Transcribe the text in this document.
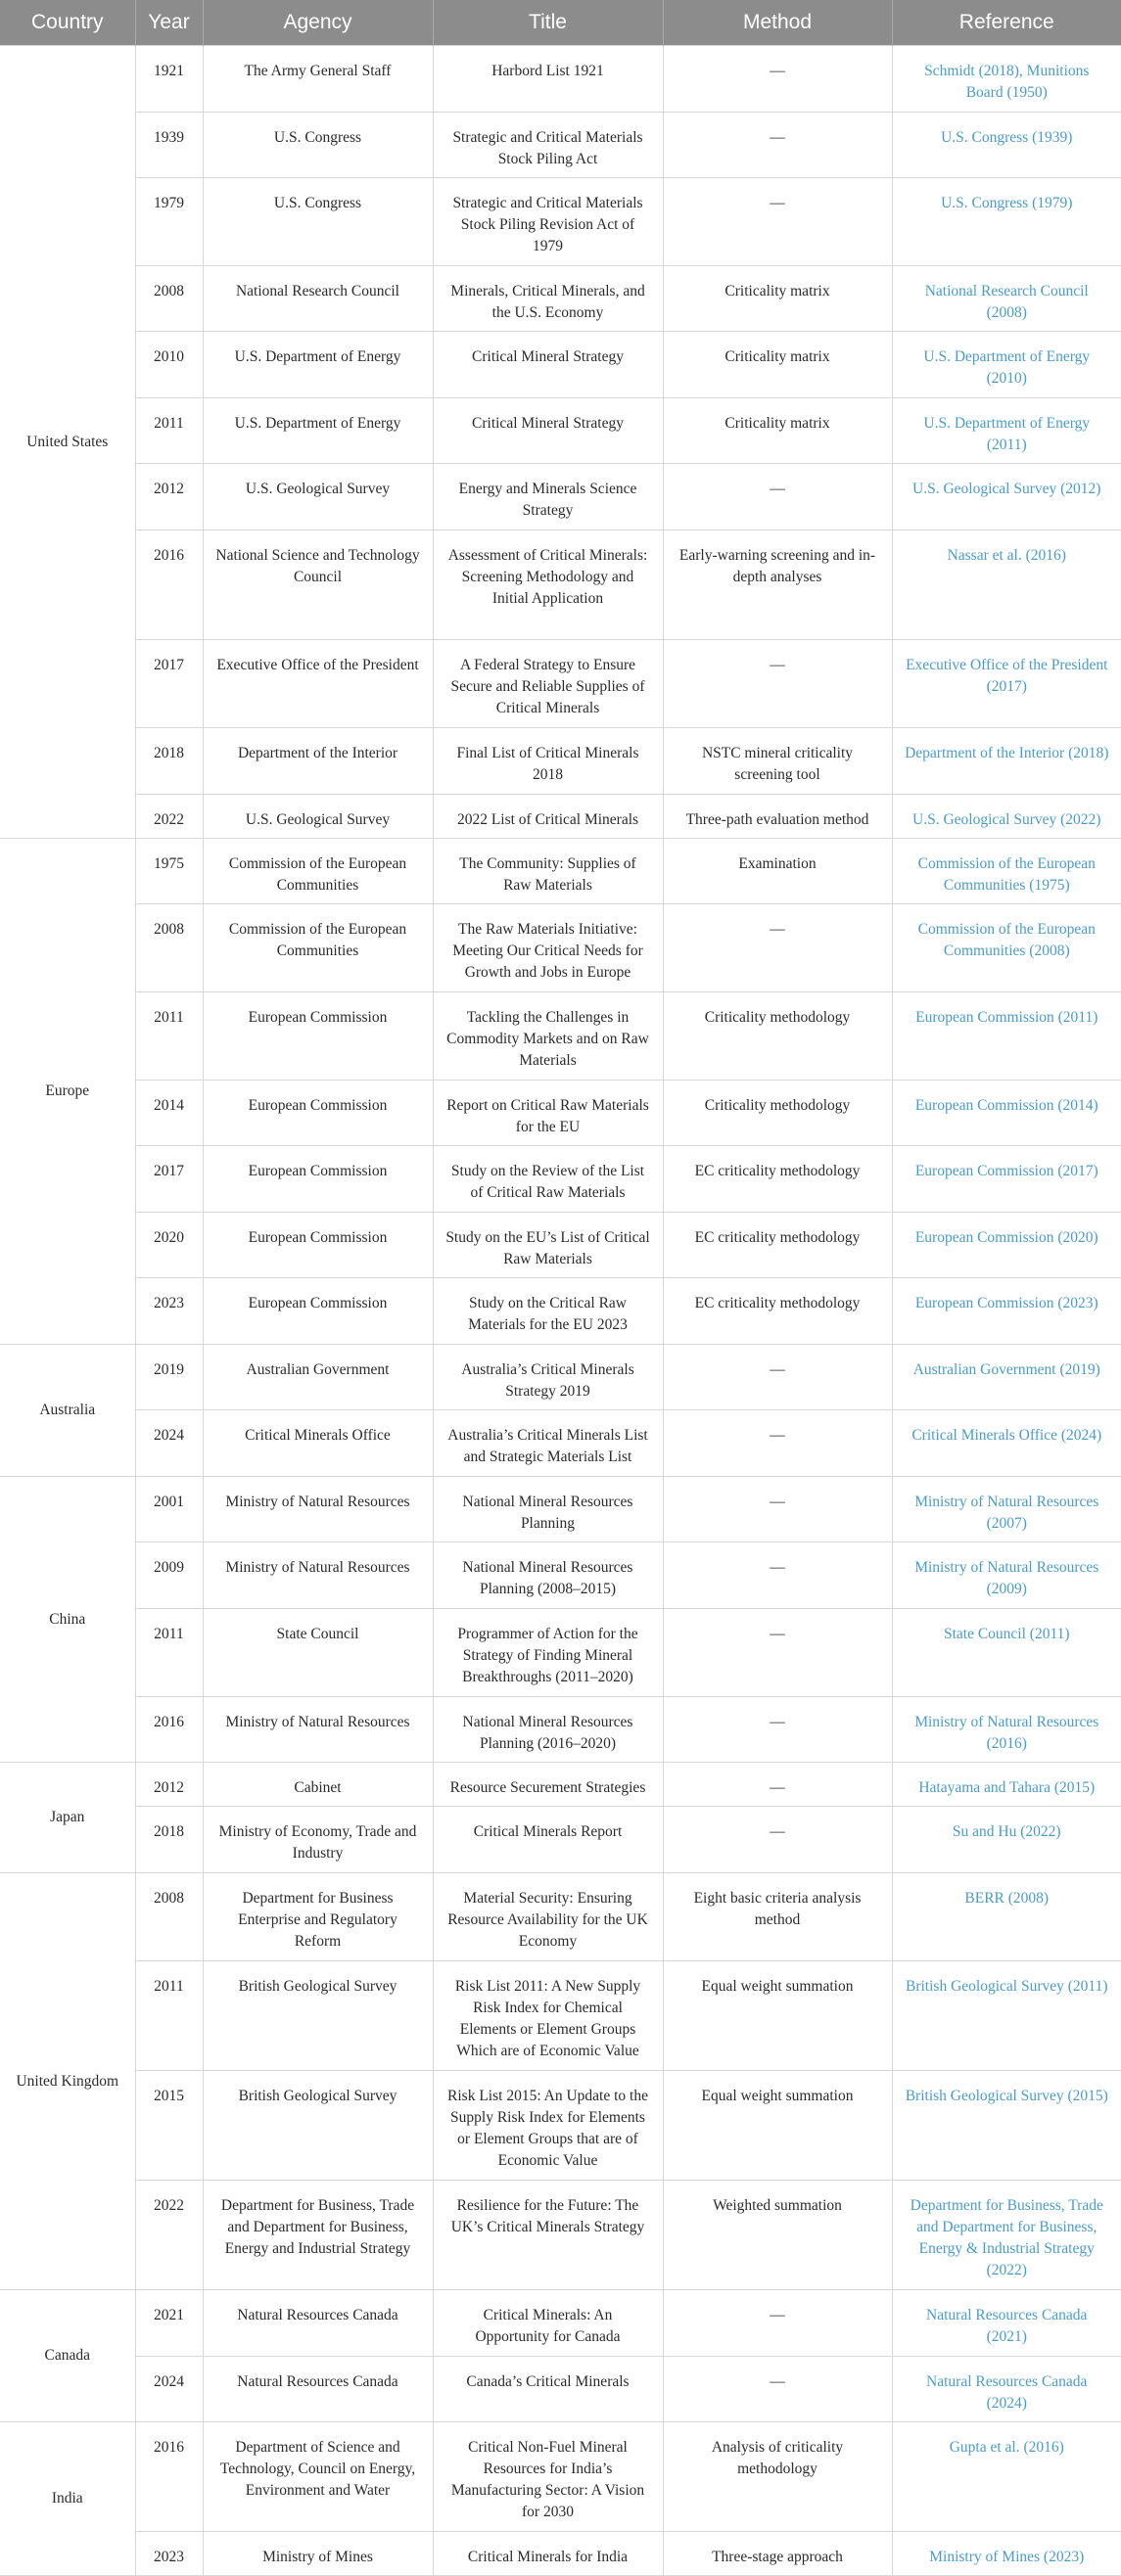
Country	Year	Agency	Title	Method	Reference
United States	1921	The Army General Staff	Harbord List 1921	—	Schmidt (2018), Munitions Board (1950)
	1939	U.S. Congress	Strategic and Critical Materials Stock Piling Act	—	U.S. Congress (1939)
	1979	U.S. Congress	Strategic and Critical Materials Stock Piling Revision Act of 1979	—	U.S. Congress (1979)
	2008	National Research Council	Minerals, Critical Minerals, and the U.S. Economy	Criticality matrix	National Research Council (2008)
	2010	U.S. Department of Energy	Critical Mineral Strategy	Criticality matrix	U.S. Department of Energy (2010)
	2011	U.S. Department of Energy	Critical Mineral Strategy	Criticality matrix	U.S. Department of Energy (2011)
	2012	U.S. Geological Survey	Energy and Minerals Science Strategy	—	U.S. Geological Survey (2012)
	2016	National Science and Technology Council	Assessment of Critical Minerals: Screening Methodology and Initial Application	Early-warning screening and in-depth analyses	Nassar et al. (2016)
	2017	Executive Office of the President	A Federal Strategy to Ensure Secure and Reliable Supplies of Critical Minerals	—	Executive Office of the President (2017)
	2018	Department of the Interior	Final List of Critical Minerals 2018	NSTC mineral criticality screening tool	Department of the Interior (2018)
	2022	U.S. Geological Survey	2022 List of Critical Minerals	Three-path evaluation method	U.S. Geological Survey (2022)
Europe	1975	Commission of the European Communities	The Community: Supplies of Raw Materials	Examination	Commission of the European Communities (1975)
	2008	Commission of the European Communities	The Raw Materials Initiative: Meeting Our Critical Needs for Growth and Jobs in Europe	—	Commission of the European Communities (2008)
	2011	European Commission	Tackling the Challenges in Commodity Markets and on Raw Materials	Criticality methodology	European Commission (2011)
	2014	European Commission	Report on Critical Raw Materials for the EU	Criticality methodology	European Commission (2014)
	2017	European Commission	Study on the Review of the List of Critical Raw Materials	EC criticality methodology	European Commission (2017)
	2020	European Commission	Study on the EU’s List of Critical Raw Materials	EC criticality methodology	European Commission (2020)
	2023	European Commission	Study on the Critical Raw Materials for the EU 2023	EC criticality methodology	European Commission (2023)
Australia	2019	Australian Government	Australia’s Critical Minerals Strategy 2019	—	Australian Government (2019)
	2024	Critical Minerals Office	Australia’s Critical Minerals List and Strategic Materials List	—	Critical Minerals Office (2024)
China	2001	Ministry of Natural Resources	National Mineral Resources Planning	—	Ministry of Natural Resources (2007)
	2009	Ministry of Natural Resources	National Mineral Resources Planning (2008–2015)	—	Ministry of Natural Resources (2009)
	2011	State Council	Programmer of Action for the Strategy of Finding Mineral Breakthroughs (2011–2020)	—	State Council (2011)
	2016	Ministry of Natural Resources	National Mineral Resources Planning (2016–2020)	—	Ministry of Natural Resources (2016)
Japan	2012	Cabinet	Resource Securement Strategies	—	Hatayama and Tahara (2015)
	2018	Ministry of Economy, Trade and Industry	Critical Minerals Report	—	Su and Hu (2022)
United Kingdom	2008	Department for Business Enterprise and Regulatory Reform	Material Security: Ensuring Resource Availability for the UK Economy	Eight basic criteria analysis method	BERR (2008)
	2011	British Geological Survey	Risk List 2011: A New Supply Risk Index for Chemical Elements or Element Groups Which are of Economic Value	Equal weight summation	British Geological Survey (2011)
	2015	British Geological Survey	Risk List 2015: An Update to the Supply Risk Index for Elements or Element Groups that are of Economic Value	Equal weight summation	British Geological Survey (2015)
	2022	Department for Business, Trade and Department for Business, Energy and Industrial Strategy	Resilience for the Future: The UK’s Critical Minerals Strategy	Weighted summation	Department for Business, Trade and Department for Business, Energy & Industrial Strategy (2022)
Canada	2021	Natural Resources Canada	Critical Minerals: An Opportunity for Canada	—	Natural Resources Canada (2021)
	2024	Natural Resources Canada	Canada’s Critical Minerals	—	Natural Resources Canada (2024)
India	2016	Department of Science and Technology, Council on Energy, Environment and Water	Critical Non-Fuel Mineral Resources for India’s Manufacturing Sector: A Vision for 2030	Analysis of criticality methodology	Gupta et al. (2016)
	2023	Ministry of Mines	Critical Minerals for India	Three-stage approach	Ministry of Mines (2023)
